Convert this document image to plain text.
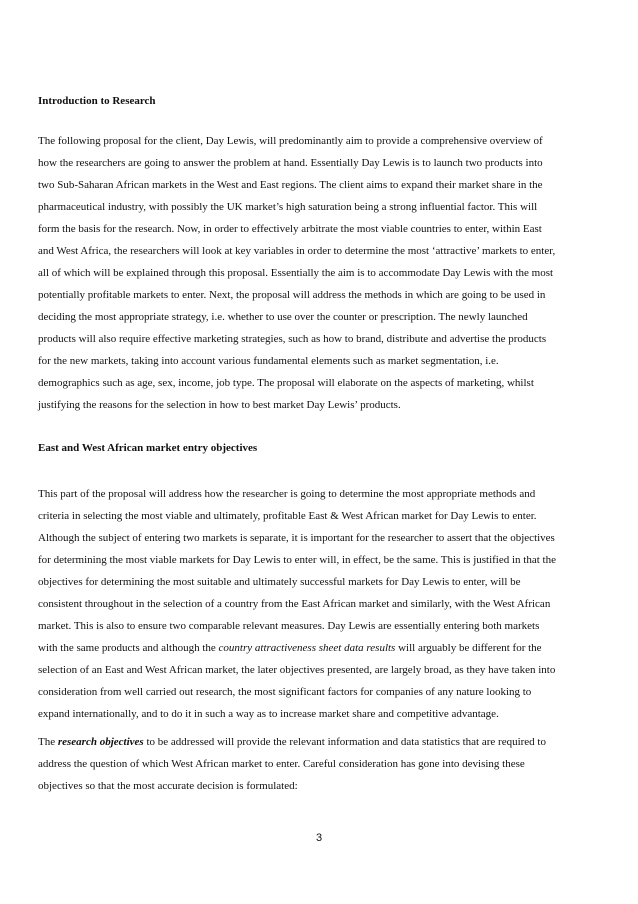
Introduction to Research
The following proposal for the client, Day Lewis, will predominantly aim to provide a comprehensive overview of
how the researchers are going to answer the problem at hand. Essentially Day Lewis is to launch two products into
two Sub-Saharan African markets in the West and East regions. The client aims to expand their market share in the
pharmaceutical industry, with possibly the UK market’s high saturation being a strong influential factor. This will
form the basis for the research. Now, in order to effectively arbitrate the most viable countries to enter, within East
and West Africa, the researchers will look at key variables in order to determine the most ‘attractive’ markets to enter,
all of which will be explained through this proposal. Essentially the aim is to accommodate Day Lewis with the most
potentially profitable markets to enter. Next, the proposal will address the methods in which are going to be used in
deciding the most appropriate strategy, i.e. whether to use over the counter or prescription. The newly launched
products will also require effective marketing strategies, such as how to brand, distribute and advertise the products
for the new markets, taking into account various fundamental elements such as market segmentation, i.e.
demographics such as age, sex, income, job type. The proposal will elaborate on the aspects of marketing, whilst
justifying the reasons for the selection in how to best market Day Lewis’ products.
East and West African market entry objectives
This part of the proposal will address how the researcher is going to determine the most appropriate methods and
criteria in selecting the most viable and ultimately, profitable East & West African market for Day Lewis to enter.
Although the subject of entering two markets is separate, it is important for the researcher to assert that the objectives
for determining the most viable markets for Day Lewis to enter will, in effect, be the same. This is justified in that the
objectives for determining the most suitable and ultimately successful markets for Day Lewis to enter, will be
consistent throughout in the selection of a country from the East African market and similarly, with the West African
market. This is also to ensure two comparable relevant measures. Day Lewis are essentially entering both markets
with the same products and although the country attractiveness sheet data results will arguably be different for the
selection of an East and West African market, the later objectives presented, are largely broad, as they have taken into
consideration from well carried out research, the most significant factors for companies of any nature looking to
expand internationally, and to do it in such a way as to increase market share and competitive advantage.
The research objectives to be addressed will provide the relevant information and data statistics that are required to
address the question of which West African market to enter. Careful consideration has gone into devising these
objectives so that the most accurate decision is formulated:
3
